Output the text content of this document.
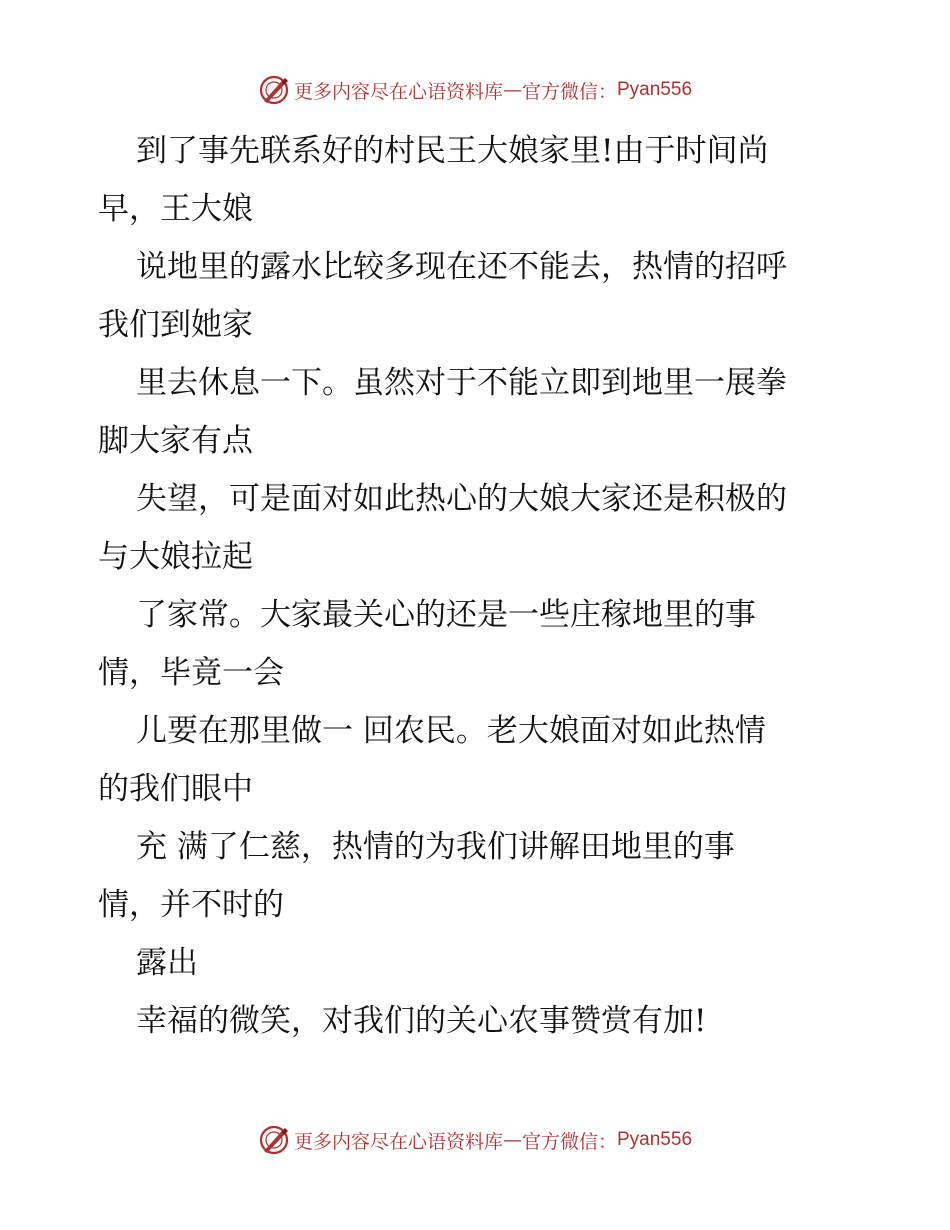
更多内容尽在心语资料库 — 官方微信： Pyan556

到了事先联系好的村民王大娘家里!由于时间尚

早，王大娘

说地里的露水比较多现在还不能去，热情的招呼

我们到她家

里去休息一下。虽然对于不能立即到地里一展拳

脚大家有点

失望，可是面对如此热心的大娘大家还是积极的

与大娘拉起

了家常。大家最关心的还是一些庄稼地里的事

情，毕竟一会

儿要在那里做一 回农民。老大娘面对如此热情

的我们眼中

充 满了仁慈，热情的为我们讲解田地里的事

情，并不时的

露出

幸福的微笑，对我们的关心农事赞赏有加!

更多内容尽在心语资料库 — 官方微信： Pyan556
